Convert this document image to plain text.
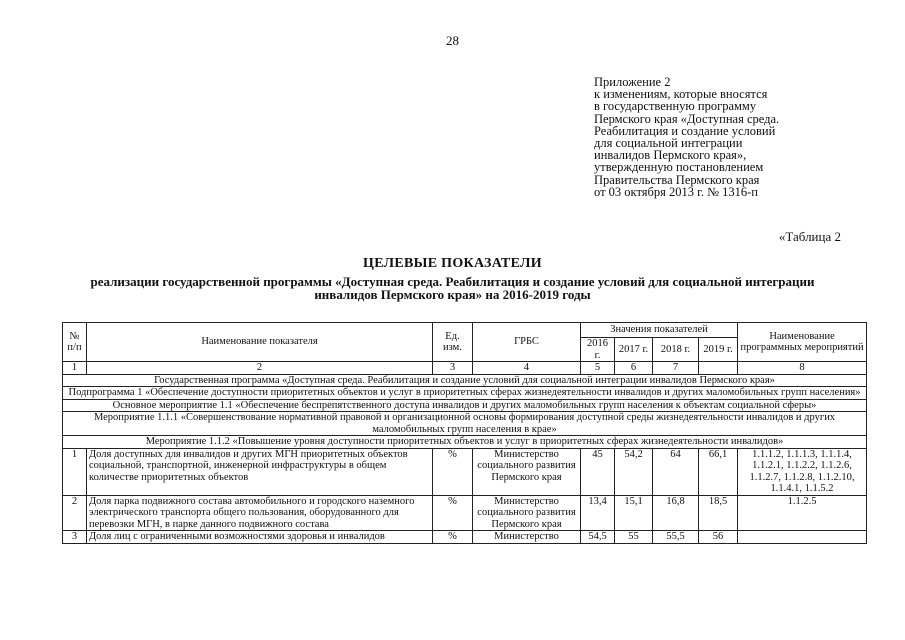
28
Приложение 2
к изменениям, которые вносятся
в государственную программу
Пермского края «Доступная среда.
Реабилитация и создание условий
для социальной интеграции
инвалидов Пермского края»,
утвержденную постановлением
Правительства Пермского края
от 03 октября 2013 г. № 1316-п
«Таблица 2
ЦЕЛЕВЫЕ ПОКАЗАТЕЛИ
реализации государственной программы «Доступная среда. Реабилитация и создание условий для социальной интеграции инвалидов Пермского края» на 2016-2019 годы
№ п/п	Наименование показателя	Ед. изм.	ГРБС	Значения показателей				Наименование программных мероприятий
				2016 г.	2017 г.	2018 г.	2019 г.	
1	2	3	4	5	6	7		8
Государственная программа «Доступная среда. Реабилитация и создание условий для социальной интеграции инвалидов Пермского края»								
Подпрограмма 1 «Обеспечение доступности приоритетных объектов и услуг в приоритетных сферах жизнедеятельности инвалидов и других маломобильных групп населения»								
Основное мероприятие 1.1 «Обеспечение беспрепятственного доступа инвалидов и других маломобильных групп населения к объектам социальной сферы»								
Мероприятие 1.1.1 «Совершенствование нормативной правовой и организационной основы формирования доступной среды жизнедеятельности инвалидов и других маломобильных групп населения в крае»								
Мероприятие 1.1.2 «Повышение уровня доступности приоритетных объектов и услуг в приоритетных сферах жизнедеятельности инвалидов»								
1	Доля доступных для инвалидов и других МГН приоритетных объектов социальной, транспортной, инженерной инфраструктуры в общем количестве приоритетных объектов	%	Министерство социального развития Пермского края	45	54,2	64	66,1	1.1.1.2, 1.1.1.3, 1.1.1.4, 1.1.2.1, 1.1.2.2, 1.1.2.6, 1.1.2.7, 1.1.2.8, 1.1.2.10, 1.1.4.1, 1.1.5.2
2	Доля парка подвижного состава автомобильного и городского наземного электрического транспорта общего пользования, оборудованного для перевозки МГН, в парке данного подвижного состава	%	Министерство социального развития Пермского края	13,4	15,1	16,8	18,5	1.1.2.5
3	Доля лиц с ограниченными возможностями здоровья и инвалидов	%	Министерство	54,5	55	55,5	56	
